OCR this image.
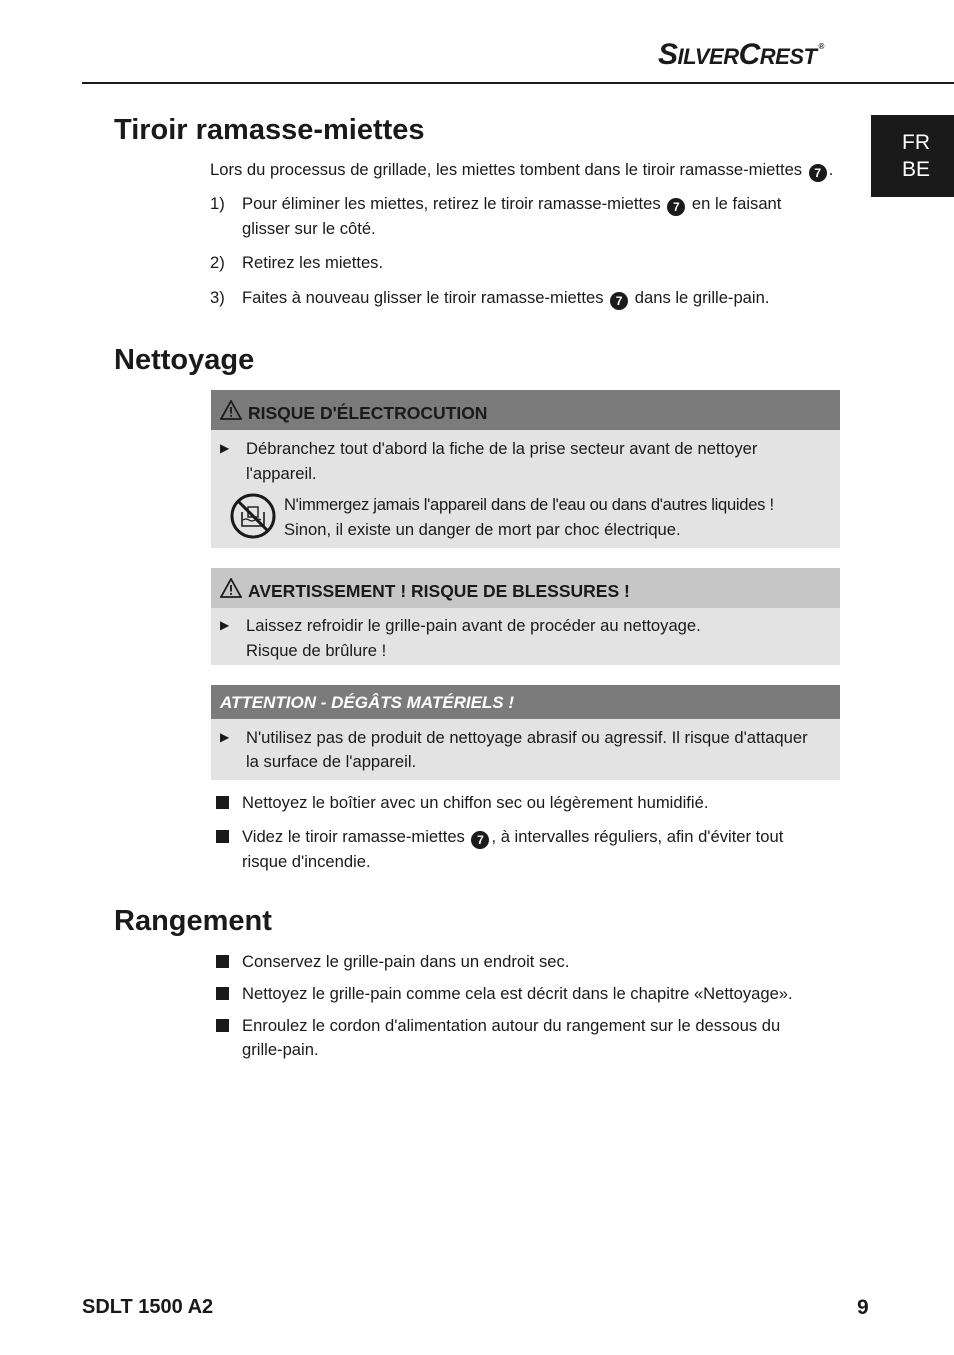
SILVERCREST ®
FR
BE
Tiroir ramasse-miettes
Lors du processus de grillade, les miettes tombent dans le tiroir ramasse-miettes 7 .
1)	Pour éliminer les miettes, retirez le tiroir ramasse-miettes 7 en le faisant
glisser sur le côté.
2)	Retirez les miettes.
3)	Faites à nouveau glisser le tiroir ramasse-miettes 7 dans le grille-pain.
Nettoyage
RISQUE D'ÉLECTROCUTION
▶ Débranchez tout d'abord la fiche de la prise secteur avant de nettoyer
l'appareil.
N'immergez jamais l'appareil dans de l'eau ou dans d'autres liquides !
Sinon, il existe un danger de mort par choc électrique.
AVERTISSEMENT ! RISQUE DE BLESSURES !
▶ Laissez refroidir le grille-pain avant de procéder au nettoyage.
Risque de brûlure !
ATTENTION - DÉGÂTS MATÉRIELS !
▶ N'utilisez pas de produit de nettoyage abrasif ou agressif. Il risque d'attaquer
la surface de l'appareil.
Nettoyez le boîtier avec un chiffon sec ou légèrement humidifié.
Videz le tiroir ramasse-miettes 7 , à intervalles réguliers, afin d'éviter tout
risque d'incendie.
Rangement
Conservez le grille-pain dans un endroit sec.
Nettoyez le grille-pain comme cela est décrit dans le chapitre «Nettoyage».
Enroulez le cordon d'alimentation autour du rangement sur le dessous du
grille-pain.
SDLT 1500 A2	9
